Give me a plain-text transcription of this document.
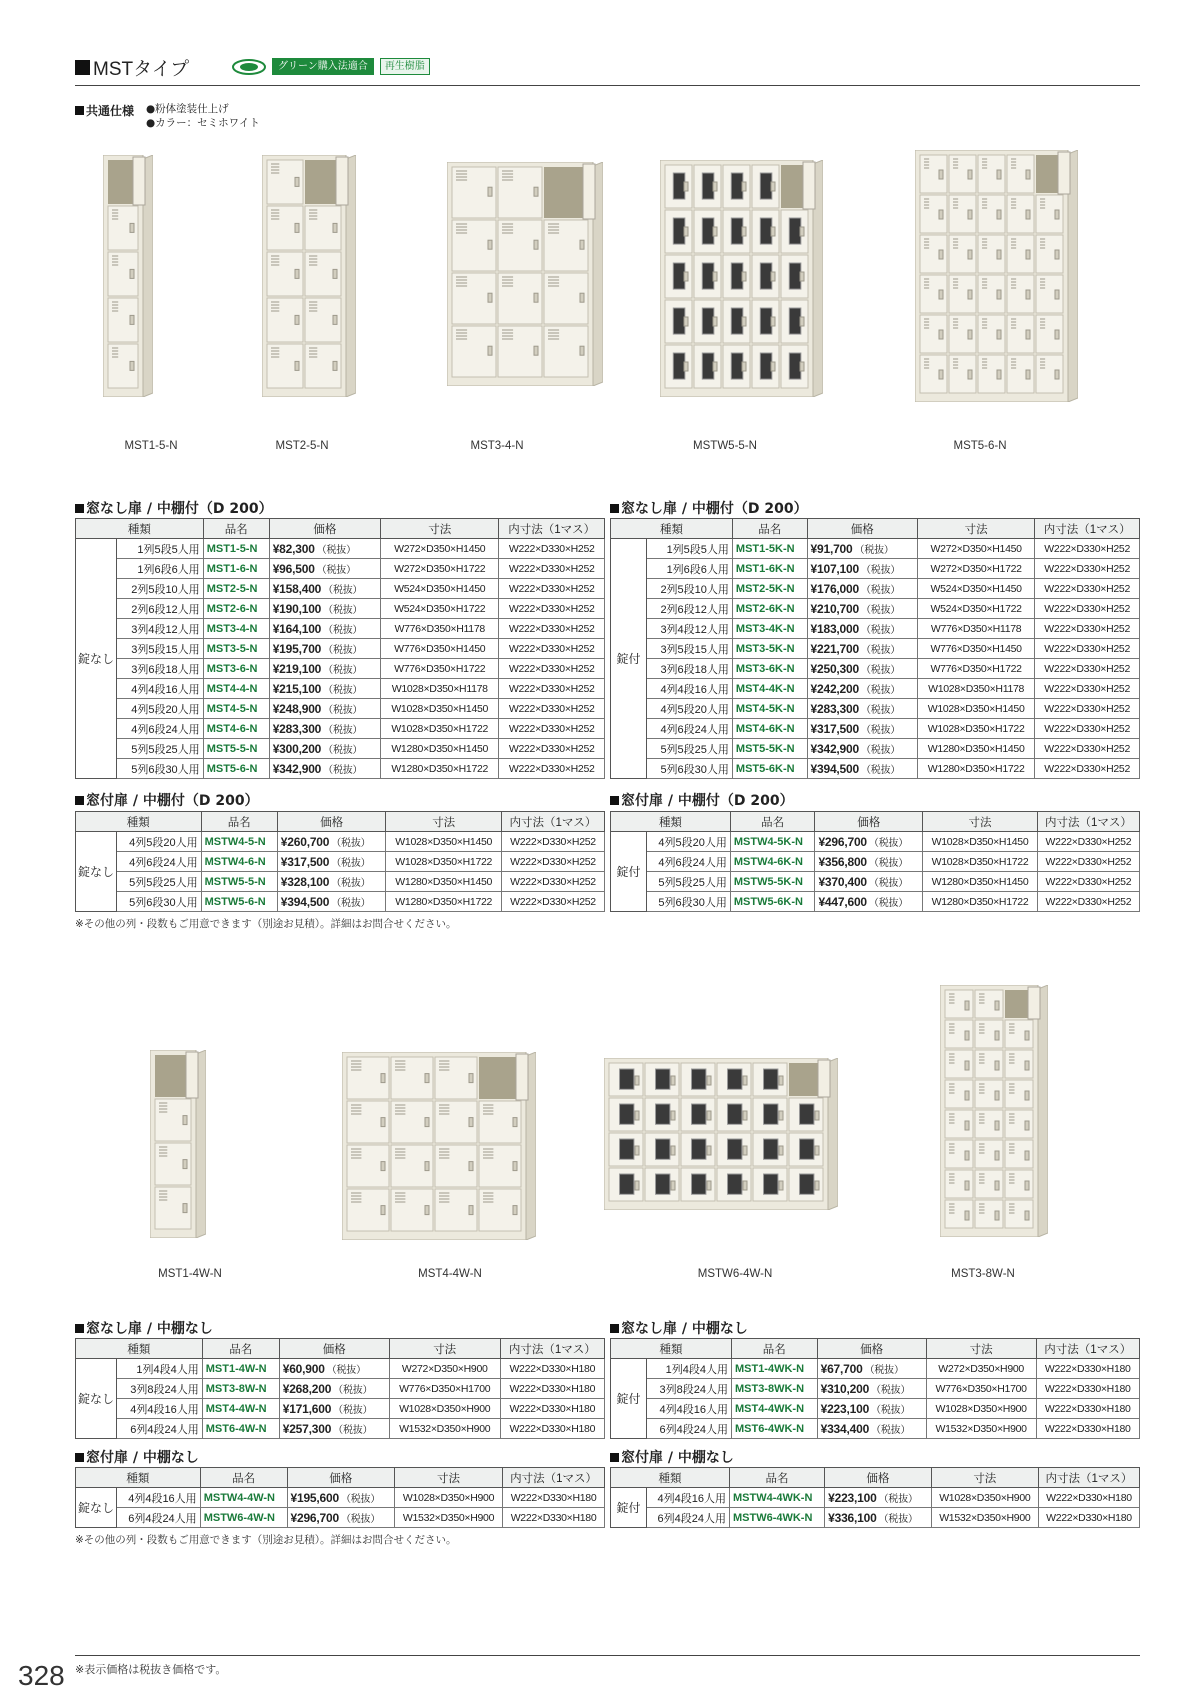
MSTタイプ	グリーン購入法適合	再生樹脂
共通仕様 ●粉体塗装仕上げ
●カラー：セミホワイト
MST1-5-N	MST2-5-N	MST3-4-N	MSTW5-5-N	MST5-6-N
窓なし扉 / 中棚付（D 200）	窓なし扉 / 中棚付（D 200）
種類		品名	価格	寸法	内寸法（1マス）
錠なし	1列5段5人用	MST1-5-N	¥82,300 （税抜）	W272×D350×H1450	W222×D330×H252
	1列6段6人用	MST1-6-N	¥96,500 （税抜）	W272×D350×H1722	W222×D330×H252
	2列5段10人用	MST2-5-N	¥158,400 （税抜）	W524×D350×H1450	W222×D330×H252
	2列6段12人用	MST2-6-N	¥190,100 （税抜）	W524×D350×H1722	W222×D330×H252
	3列4段12人用	MST3-4-N	¥164,100 （税抜）	W776×D350×H1178	W222×D330×H252
	3列5段15人用	MST3-5-N	¥195,700 （税抜）	W776×D350×H1450	W222×D330×H252
	3列6段18人用	MST3-6-N	¥219,100 （税抜）	W776×D350×H1722	W222×D330×H252
	4列4段16人用	MST4-4-N	¥215,100 （税抜）	W1028×D350×H1178	W222×D330×H252
	4列5段20人用	MST4-5-N	¥248,900 （税抜）	W1028×D350×H1450	W222×D330×H252
	4列6段24人用	MST4-6-N	¥283,300 （税抜）	W1028×D350×H1722	W222×D330×H252
	5列5段25人用	MST5-5-N	¥300,200 （税抜）	W1280×D350×H1450	W222×D330×H252
	5列6段30人用	MST5-6-N	¥342,900 （税抜）	W1280×D350×H1722	W222×D330×H252
種類		品名	価格	寸法	内寸法（1マス）
錠付	1列5段5人用	MST1-5K-N	¥91,700 （税抜）	W272×D350×H1450	W222×D330×H252
	1列6段6人用	MST1-6K-N	¥107,100 （税抜）	W272×D350×H1722	W222×D330×H252
	2列5段10人用	MST2-5K-N	¥176,000 （税抜）	W524×D350×H1450	W222×D330×H252
	2列6段12人用	MST2-6K-N	¥210,700 （税抜）	W524×D350×H1722	W222×D330×H252
	3列4段12人用	MST3-4K-N	¥183,000 （税抜）	W776×D350×H1178	W222×D330×H252
	3列5段15人用	MST3-5K-N	¥221,700 （税抜）	W776×D350×H1450	W222×D330×H252
	3列6段18人用	MST3-6K-N	¥250,300 （税抜）	W776×D350×H1722	W222×D330×H252
	4列4段16人用	MST4-4K-N	¥242,200 （税抜）	W1028×D350×H1178	W222×D330×H252
	4列5段20人用	MST4-5K-N	¥283,300 （税抜）	W1028×D350×H1450	W222×D330×H252
	4列6段24人用	MST4-6K-N	¥317,500 （税抜）	W1028×D350×H1722	W222×D330×H252
	5列5段25人用	MST5-5K-N	¥342,900 （税抜）	W1280×D350×H1450	W222×D330×H252
	5列6段30人用	MST5-6K-N	¥394,500 （税抜）	W1280×D350×H1722	W222×D330×H252
窓付扉 / 中棚付（D 200）	窓付扉 / 中棚付（D 200）
種類		品名	価格	寸法	内寸法（1マス）
錠なし	4列5段20人用	MSTW4-5-N	¥260,700 （税抜）	W1028×D350×H1450	W222×D330×H252
	4列6段24人用	MSTW4-6-N	¥317,500 （税抜）	W1028×D350×H1722	W222×D330×H252
	5列5段25人用	MSTW5-5-N	¥328,100 （税抜）	W1280×D350×H1450	W222×D330×H252
	5列6段30人用	MSTW5-6-N	¥394,500 （税抜）	W1280×D350×H1722	W222×D330×H252
種類		品名	価格	寸法	内寸法（1マス）
錠付	4列5段20人用	MSTW4-5K-N	¥296,700 （税抜）	W1028×D350×H1450	W222×D330×H252
	4列6段24人用	MSTW4-6K-N	¥356,800 （税抜）	W1028×D350×H1722	W222×D330×H252
	5列5段25人用	MSTW5-5K-N	¥370,400 （税抜）	W1280×D350×H1450	W222×D330×H252
	5列6段30人用	MSTW5-6K-N	¥447,600 （税抜）	W1280×D350×H1722	W222×D330×H252
※その他の列・段数もご用意できます（別途お見積）。詳細はお問合せください。
MST1-4W-N	MST4-4W-N	MSTW6-4W-N	MST3-8W-N
窓なし扉 / 中棚なし	窓なし扉 / 中棚なし
種類		品名	価格	寸法	内寸法（1マス）
錠なし	1列4段4人用	MST1-4W-N	¥60,900 （税抜）	W272×D350×H900	W222×D330×H180
	3列8段24人用	MST3-8W-N	¥268,200 （税抜）	W776×D350×H1700	W222×D330×H180
	4列4段16人用	MST4-4W-N	¥171,600 （税抜）	W1028×D350×H900	W222×D330×H180
	6列4段24人用	MST6-4W-N	¥257,300 （税抜）	W1532×D350×H900	W222×D330×H180
種類		品名	価格	寸法	内寸法（1マス）
錠付	1列4段4人用	MST1-4WK-N	¥67,700 （税抜）	W272×D350×H900	W222×D330×H180
	3列8段24人用	MST3-8WK-N	¥310,200 （税抜）	W776×D350×H1700	W222×D330×H180
	4列4段16人用	MST4-4WK-N	¥223,100 （税抜）	W1028×D350×H900	W222×D330×H180
	6列4段24人用	MST6-4WK-N	¥334,400 （税抜）	W1532×D350×H900	W222×D330×H180
窓付扉 / 中棚なし	窓付扉 / 中棚なし
種類		品名	価格	寸法	内寸法（1マス）
錠なし	4列4段16人用	MSTW4-4W-N	¥195,600 （税抜）	W1028×D350×H900	W222×D330×H180
	6列4段24人用	MSTW6-4W-N	¥296,700 （税抜）	W1532×D350×H900	W222×D330×H180
種類		品名	価格	寸法	内寸法（1マス）
錠付	4列4段16人用	MSTW4-4WK-N	¥223,100 （税抜）	W1028×D350×H900	W222×D330×H180
	6列4段24人用	MSTW6-4WK-N	¥336,100 （税抜）	W1532×D350×H900	W222×D330×H180
※その他の列・段数もご用意できます（別途お見積）。詳細はお問合せください。
328 ※表示価格は税抜き価格です。
